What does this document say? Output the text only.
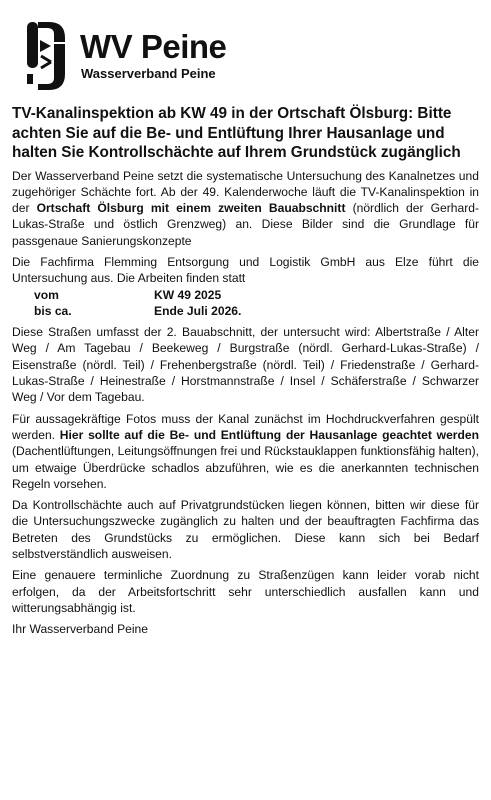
WV Peine
Wasserverband Peine
TV-Kanalinspektion ab KW 49 in der Ortschaft Ölsburg: Bitte achten Sie auf die Be- und Entlüftung Ihrer Hausanlage und halten Sie Kontrollschächte auf Ihrem Grundstück zugänglich

Der Wasserverband Peine setzt die systematische Untersuchung des Kanalnetzes und zugehöriger Schächte fort. Ab der 49. Kalenderwoche läuft die TV-Kanalinspektion in der Ortschaft Ölsburg mit einem zweiten Bauabschnitt (nördlich der Gerhard-Lukas-Straße und östlich Grenzweg) an. Diese Bilder sind die Grundlage für passgenaue Sanierungskonzepte

Die Fachfirma Flemming Entsorgung und Logistik GmbH aus Elze führt die Untersuchung aus. Die Arbeiten finden statt

vom	KW 49 2025
bis ca.	Ende Juli 2026.

Diese Straßen umfasst der 2. Bauabschnitt, der untersucht wird: Albertstraße / Alter Weg / Am Tagebau / Beekeweg / Burgstraße (nördl. Gerhard-Lukas-Straße) / Eisenstraße (nördl. Teil) / Frehenbergstraße (nördl. Teil) / Friedenstraße / Gerhard-Lukas-Straße / Heinestraße / Horstmannstraße / Insel / Schäferstraße / Schwarzer Weg / Vor dem Tagebau.

Für aussagekräftige Fotos muss der Kanal zunächst im Hochdruckverfahren gespült werden. Hier sollte auf die Be- und Entlüftung der Hausanlage geachtet werden (Dachentlüftungen, Leitungsöffnungen frei und Rückstauklappen funktionsfähig halten), um etwaige Überdrücke schadlos abzuführen, wie es die anerkannten technischen Regeln vorsehen.

Da Kontrollschächte auch auf Privatgrundstücken liegen können, bitten wir diese für die Untersuchungszwecke zugänglich zu halten und der beauftragten Fachfirma das Betreten des Grundstücks zu ermöglichen. Diese kann sich bei Bedarf selbstverständlich ausweisen.

Eine genauere terminliche Zuordnung zu Straßenzügen kann leider vorab nicht erfolgen, da der Arbeitsfortschritt sehr unterschiedlich ausfallen kann und witterungsabhängig ist.

Ihr Wasserverband Peine
